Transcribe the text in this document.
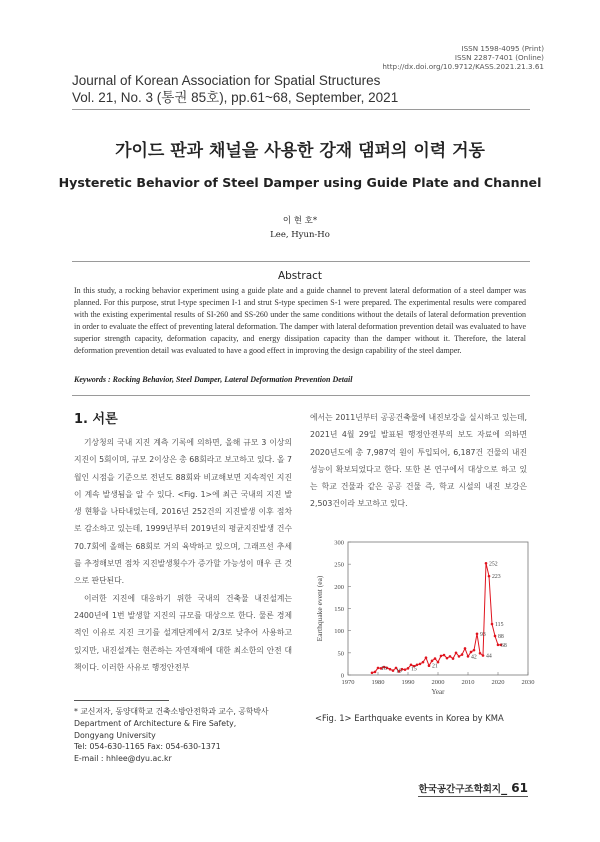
ISSN 1598-4095 (Print)
ISSN 2287-7401 (Online)
http://dx.doi.org/10.9712/KASS.2021.21.3.61
Journal of Korean Association for Spatial Structures
Vol. 21, No. 3 (통권 85호), pp.61~68, September, 2021
가이드 판과 채널을 사용한 강재 댐퍼의 이력 거동
Hysteretic Behavior of Steel Damper using Guide Plate and Channel
이 현 호*
Lee, Hyun-Ho
Abstract
In this study, a rocking behavior experiment using a guide plate and a guide channel to prevent lateral deformation of a steel damper was planned. For this purpose, strut I-type specimen I-1 and strut S-type specimen S-1 were prepared. The experimental results were compared with the existing experimental results of SI-260 and SS-260 under the same conditions without the details of lateral deformation prevention in order to evaluate the effect of preventing lateral deformation. The damper with lateral deformation prevention detail was evaluated to have superior strength capacity, deformation capacity, and energy dissipation capacity than the damper without it. Therefore, the lateral deformation prevention detail was evaluated to have a good effect in improving the design capability of the steel damper.
Keywords : Rocking Behavior, Steel Damper, Lateral Deformation Prevention Detail
1. 서론

기상청의 국내 지진 계측 기록에 의하면, 올해 규모 3 이상의 지진이 5회이며, 규모 2이상은 총 68회라고 보고하고 있다. 올 7월인 시점을 기준으로 전년도 88회와 비교해보면 지속적인 지진이 계속 발생됨을 알 수 있다. <Fig. 1>에 최근 국내의 지진 발생 현황을 나타내었는데, 2016년 252건의 지진발생 이후 점차로 감소하고 있는데, 1999년부터 2019년의 평균지진발생 건수 70.7회에 올해는 68회로 거의 육박하고 있으며, 그래프선 추세를 추정해보면 점차 지진발생횟수가 증가할 가능성이 매우 큰 것으로 판단된다.

이러한 지진에 대응하기 위한 국내의 건축물 내진설계는 2400년에 1번 발생할 지진의 규모를 대상으로 한다. 물론 경제적인 이유로 지진 크기를 설계단계에서 2/3로 낮추어 사용하고 있지만, 내진설계는 현존하는 자연재해에 대한 최소한의 안전 대책이다. 이러한 사유로 행정안전부

에서는 2011년부터 공공건축물에 내진보강을 실시하고 있는데, 2021년 4월 29일 발표된 행정안전부의 보도 자료에 의하면 2020년도에 총 7,987억 원이 투입되어, 6,187건 건물의 내진성능이 확보되었다고 한다. 또한 본 연구에서 대상으로 하고 있는 학교 건물과 같은 공공 건물 즉, 학교 시설의 내진 보강은 2,503건이라 보고하고 있다.

0
50
100
150
200
250
300
1970	1980	1990	2000	2010	2020	2030
Year
Earthquake event (ea)
252
223
115
93 88
68
44
42
16 10 15	21
<Fig. 1> Earthquake events in Korea by KMA
* 교신저자, 동양대학교 건축소방안전학과 교수, 공학박사
Department of Architecture & Fire Safety,
Dongyang University
Tel: 054-630-1165 Fax: 054-630-1371
E-mail : hhlee@dyu.ac.kr
한국공간구조학회지_ 61
